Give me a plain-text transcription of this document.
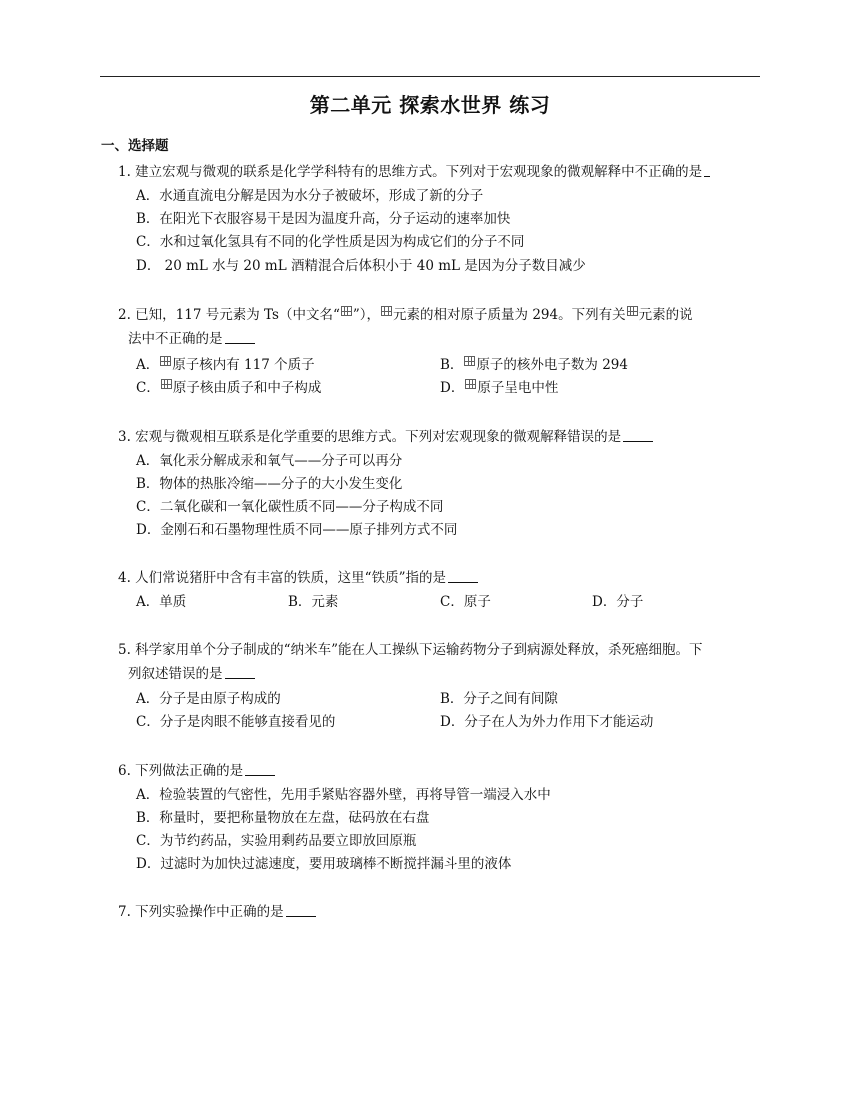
第二单元 探索水世界 练习
一、选择题
1. 建立宏观与微观的联系是化学学科特有的思维方式。下列对于宏观现象的微观解释中不正确的是
A．水通直流电分解是因为水分子被破坏，形成了新的分子
B．在阳光下衣服容易干是因为温度升高，分子运动的速率加快
C．水和过氧化氢具有不同的化学性质是因为构成它们的分子不同
D． 20 mL 水与 20 mL 酒精混合后体积小于 40 mL 是因为分子数目减少
2. 已知，117 号元素为 Ts（中文名“ ”）， 元素的相对原子质量为 294。下列有关 元素的说
法中不正确的是
A． 原子核内有 117 个质子	B． 原子的核外电子数为 294
C． 原子核由质子和中子构成	D． 原子呈电中性
3. 宏观与微观相互联系是化学重要的思维方式。下列对宏观现象的微观解释错误的是
A．氧化汞分解成汞和氧气——分子可以再分
B．物体的热胀冷缩——分子的大小发生变化
C．二氧化碳和一氧化碳性质不同——分子构成不同
D．金刚石和石墨物理性质不同——原子排列方式不同
4. 人们常说猪肝中含有丰富的铁质，这里“铁质”指的是
A．单质	B．元素	C．原子	D．分子
5. 科学家用单个分子制成的“纳米车”能在人工操纵下运输药物分子到病源处释放，杀死癌细胞。下
列叙述错误的是
A．分子是由原子构成的	B．分子之间有间隙
C．分子是肉眼不能够直接看见的	D．分子在人为外力作用下才能运动
6. 下列做法正确的是
A．检验装置的气密性，先用手紧贴容器外壁，再将导管一端浸入水中
B．称量时，要把称量物放在左盘，砝码放在右盘
C．为节约药品，实验用剩药品要立即放回原瓶
D．过滤时为加快过滤速度，要用玻璃棒不断搅拌漏斗里的液体
7. 下列实验操作中正确的是
